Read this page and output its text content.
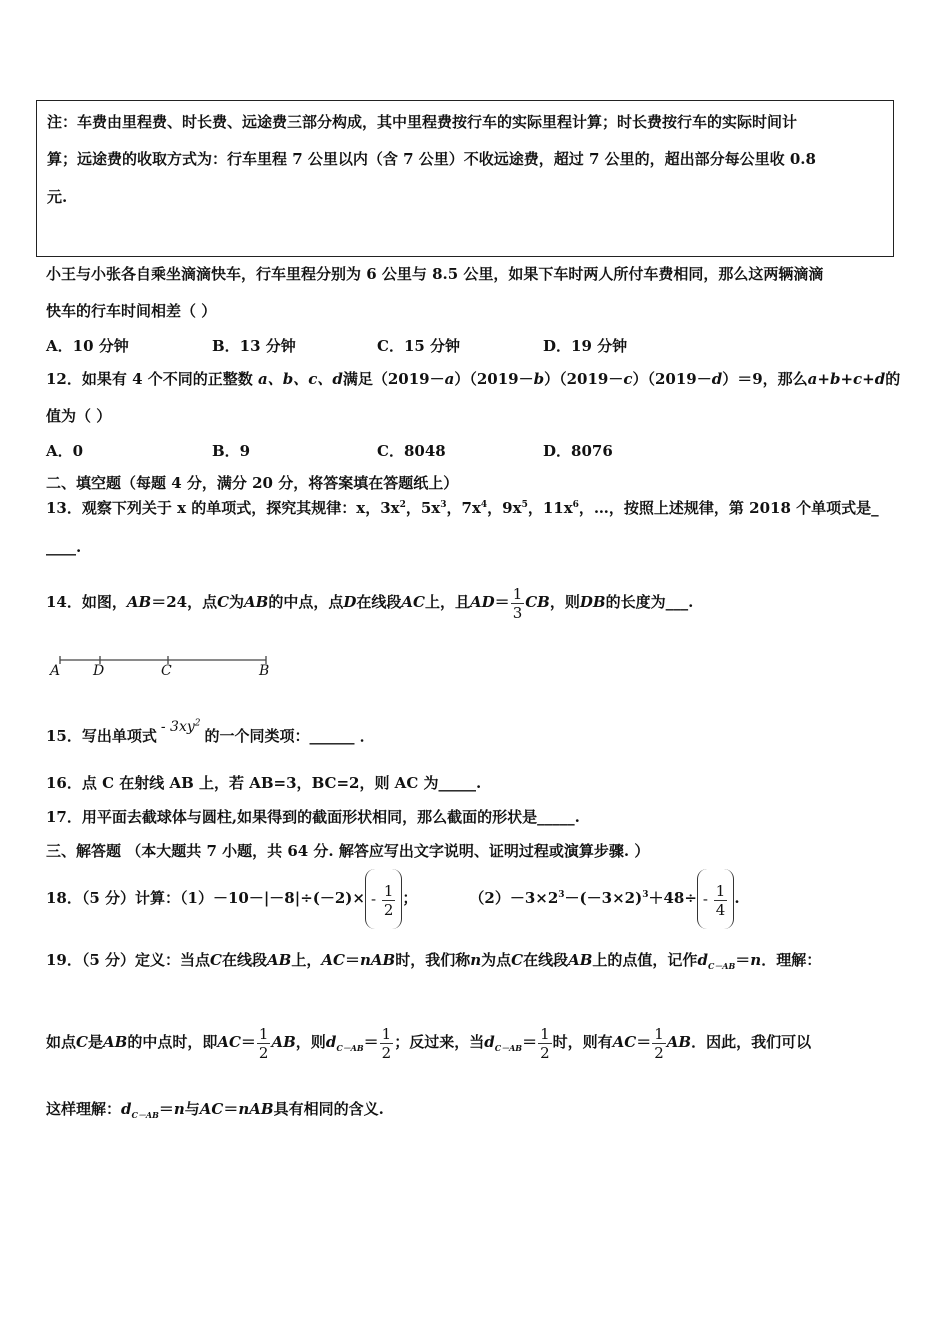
注：车费由里程费、时长费、远途费三部分构成，其中里程费按行车的实际里程计算；时长费按行车的实际时间计
算；远途费的收取方式为：行车里程 7 公里以内（含 7 公里）不收远途费，超过 7 公里的，超出部分每公里收 0.8
元.
小王与小张各自乘坐滴滴快车，行车里程分别为 6 公里与 8.5 公里，如果下车时两人所付车费相同，那么这两辆滴滴
快车的行车时间相差（ ）
A．10 分钟	B．13 分钟	C．15 分钟	D．19 分钟
12．如果有 4 个不同的正整数 a、b、c、d满足（2019－a）（2019－b）（2019－c）（2019－d）＝9，那么a+b+c+d的
值为（ ）
A．0	B．9	C．8048	D．8076
二、填空题（每题 4 分，满分 20 分，将答案填在答题纸上）
13．观察下列关于 x 的单项式，探究其规律：x，$3x^2$，$5x^3$，$7x^4$，$9x^5$，$11x^6$，…，按照上述规律，第 2018 个单项式是_
____.
14．如图，AB＝24，点C为AB的中点，点D在线段AC上，且$AD= \frac{1}{3}$ CB，则DB的长度为___.
A D	C	B
15．写出单项式 - $3xy^2$的一个同类项：______ ．
16．点 C 在射线 AB 上，若 AB=3，BC=2，则 AC 为_____.
17．用平面去截球体与圆柱,如果得到的截面形状相同，那么截面的形状是_____.
三、解答题 （本大题共 7 小题，共 64 分. 解答应写出文字说明、证明过程或演算步骤. ）
18．（5 分）计算：$(1)-10-|-8|\div(-2)\times - \frac{1}{2}$ ；	$(2)-3\times 2^3-(-3\times 2)^3+48\div - \frac{1}{4}$ .
19．（5 分）定义：当点C在线段AB上，AC＝nAB时，我们称n为点C在线段AB上的点值，记作$d_{C-AB}=n$．理解：
如点C是AB的中点时，即$AC= \frac{1}{2}$ AB，则$d_{C-AB}= \frac{1}{2}$ ；反过来，当$d_{C-AB}= \frac{1}{2}$ 时，则有$AC= \frac{1}{2}$ AB．因此，我们可以
这样理解：$d_{C-AB}=n$与AC＝nAB具有相同的含义.
